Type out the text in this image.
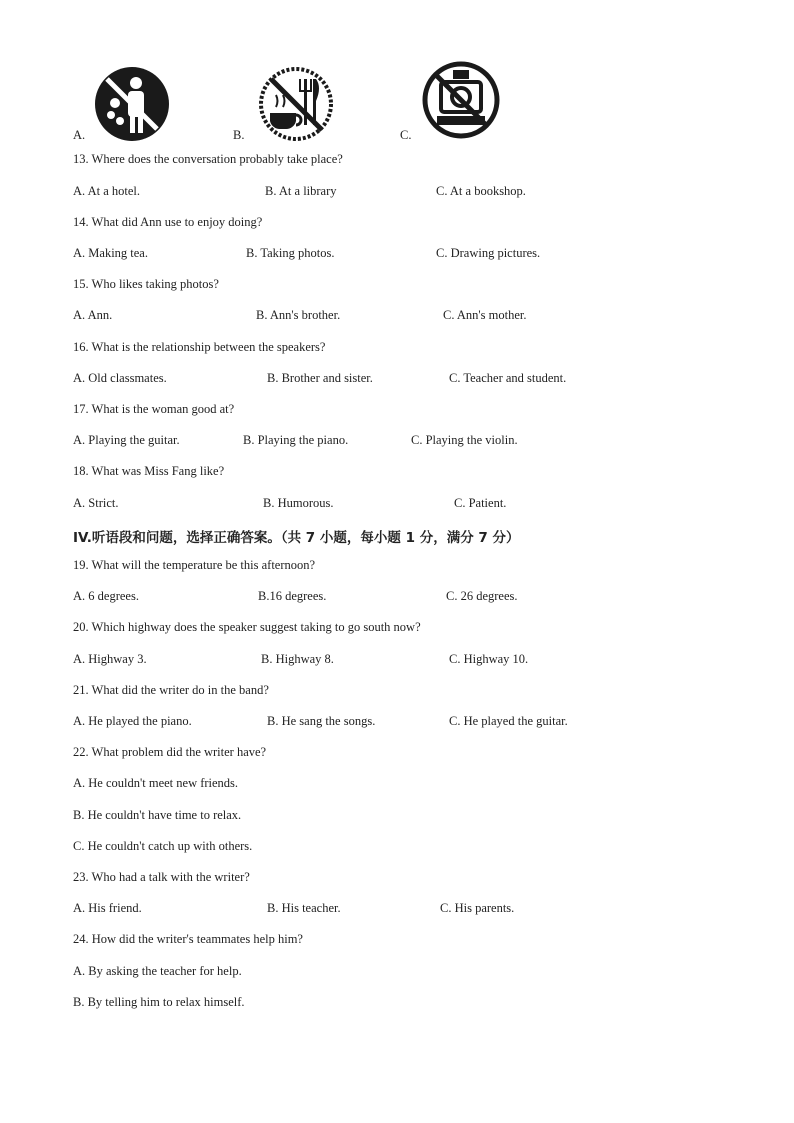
A.	B.	C.
13. Where does the conversation probably take place?
A. At a hotel.	B. At a library	C. At a bookshop.
14. What did Ann use to enjoy doing?
A. Making tea.	B. Taking photos.	C. Drawing pictures.
15. Who likes taking photos?
A. Ann.	B. Ann's brother.	C. Ann's mother.
16. What is the relationship between the speakers?
A. Old classmates.	B. Brother and sister.	C. Teacher and student.
17. What is the woman good at?
A. Playing the guitar.	B. Playing the piano.	C. Playing the violin.
18. What was Miss Fang like?
A. Strict.	B. Humorous.	C. Patient.
IV.听语段和问题，选择正确答案。（共 7 小题，每小题 1 分，满分 7 分）
19. What will the temperature be this afternoon?
A. 6 degrees.	B.16 degrees.	C. 26 degrees.
20. Which highway does the speaker suggest taking to go south now?
A. Highway 3.	B. Highway 8.	C. Highway 10.
21. What did the writer do in the band?
A. He played the piano.	B. He sang the songs.	C. He played the guitar.
22. What problem did the writer have?
A. He couldn't meet new friends.
B. He couldn't have time to relax.
C. He couldn't catch up with others.
23. Who had a talk with the writer?
A. His friend.	B. His teacher.	C. His parents.
24. How did the writer's teammates help him?
A. By asking the teacher for help.
B. By telling him to relax himself.
